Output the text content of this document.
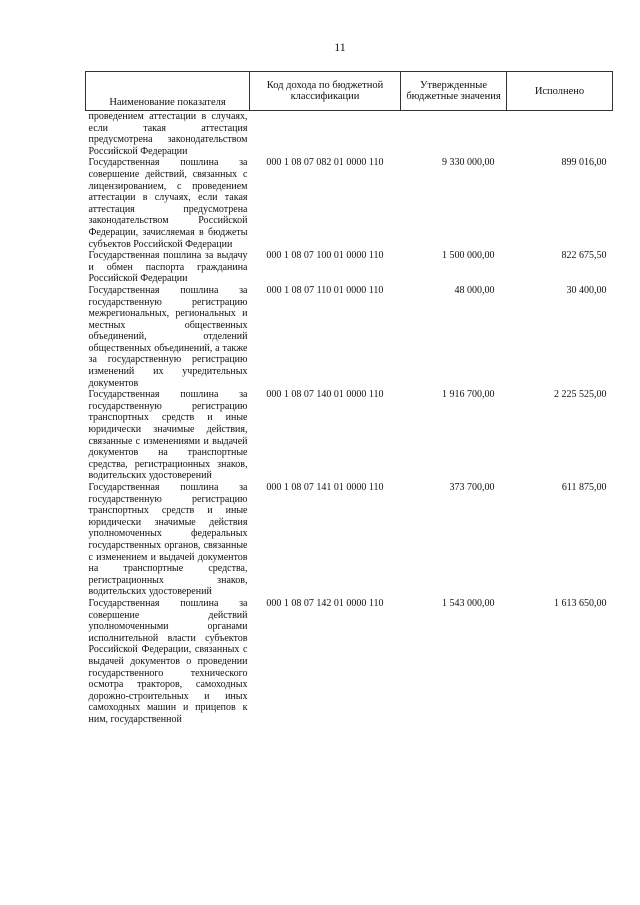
11
Наименование показателя	Код дохода по бюджетной классификации	Утвержденные бюджетные значения	Исполнено
проведением аттестации в случаях, если такая аттестация предусмотрена законодательством Российской Федерации			
Государственная пошлина за совершение действий, связанных с лицензированием, с проведением аттестации в случаях, если такая аттестация предусмотрена законодательством Российской Федерации, зачисляемая в бюджеты субъектов Российской Федерации	000 1 08 07 082 01 0000 110	9 330 000,00	899 016,00
Государственная пошлина за выдачу и обмен паспорта гражданина Российской Федерации	000 1 08 07 100 01 0000 110	1 500 000,00	822 675,50
Государственная пошлина за государственную регистрацию межрегиональных, региональных и местных общественных объединений, отделений общественных объединений, а также за государственную регистрацию изменений их учредительных документов	000 1 08 07 110 01 0000 110	48 000,00	30 400,00
Государственная пошлина за государственную регистрацию транспортных средств и иные юридически значимые действия, связанные с изменениями и выдачей документов на транспортные средства, регистрационных знаков, водительских удостоверений	000 1 08 07 140 01 0000 110	1 916 700,00	2 225 525,00
Государственная пошлина за государственную регистрацию транспортных средств и иные юридически значимые действия уполномоченных федеральных государственных органов, связанные с изменением и выдачей документов на транспортные средства, регистрационных знаков, водительских удостоверений	000 1 08 07 141 01 0000 110	373 700,00	611 875,00
Государственная пошлина за совершение действий уполномоченными органами исполнительной власти субъектов Российской Федерации, связанных с выдачей документов о проведении государственного технического осмотра тракторов, самоходных дорожно-строительных и иных самоходных машин и прицепов к ним, государственной	000 1 08 07 142 01 0000 110	1 543 000,00	1 613 650,00
